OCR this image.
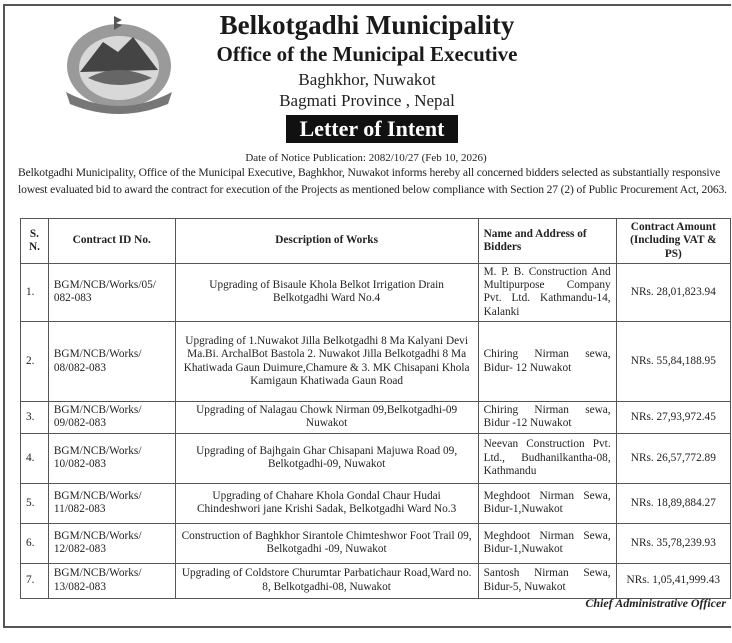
Belkotgadhi Municipality
Office of the Municipal Executive
Baghkhor, Nuwakot
Bagmati Province , Nepal
Letter of Intent
Date of Notice Publication: 2082/10/27 (Feb 10, 2026)
Belkotgadhi Municipality, Office of the Municipal Executive, Baghkhor, Nuwakot informs hereby all concerned bidders selected as substantially responsive lowest evaluated bid to award the contract for execution of the Projects as mentioned below compliance with Section 27 (2) of Public Procurement Act, 2063.
S. N.	Contract ID No.	Description of Works	Name and Address of Bidders	Contract Amount (Including VAT & PS)
1.	BGM/NCB/Works/05/ 082-083	Upgrading of Bisaule Khola Belkot Irrigation Drain Belkotgadhi Ward No.4	M. P. B. Construction And Multipurpose Company Pvt. Ltd. Kathmandu-14, Kalanki	NRs. 28,01,823.94
2.	BGM/NCB/Works/ 08/082-083	Upgrading of 1.Nuwakot Jilla Belkotgadhi 8 Ma Kalyani Devi Ma.Bi. ArchalBot Bastola 2. Nuwakot Jilla Belkotgadhi 8 Ma Khatiwada Gaun Duimure,Chamure & 3. MK Chisapani Khola Kamigaun Khatiwada Gaun Road	Chiring Nirman sewa, Bidur- 12 Nuwakot	NRs. 55,84,188.95
3.	BGM/NCB/Works/ 09/082-083	Upgrading of Nalagau Chowk Nirman 09,Belkotgadhi-09 Nuwakot	Chiring Nirman sewa, Bidur -12 Nuwakot	NRs. 27,93,972.45
4.	BGM/NCB/Works/ 10/082-083	Upgrading of Bajhgain Ghar Chisapani Majuwa Road 09, Belkotgadhi-09, Nuwakot	Neevan Construction Pvt. Ltd., Budhanilkantha-08, Kathmandu	NRs. 26,57,772.89
5.	BGM/NCB/Works/ 11/082-083	Upgrading of Chahare Khola Gondal Chaur Hudai Chindeshwori jane Krishi Sadak, Belkotgadhi Ward No.3	Meghdoot Nirman Sewa, Bidur-1,Nuwakot	NRs. 18,89,884.27
6.	BGM/NCB/Works/ 12/082-083	Construction of Baghkhor Sirantole Chimteshwor Foot Trail 09, Belkotgadhi -09, Nuwakot	Meghdoot Nirman Sewa, Bidur-1,Nuwakot	NRs. 35,78,239.93
7.	BGM/NCB/Works/ 13/082-083	Upgrading of Coldstore Churumtar Parbatichaur Road,Ward no. 8, Belkotgadhi-08, Nuwakot	Santosh Nirman Sewa, Bidur-5, Nuwakot	NRs. 1,05,41,999.43
Chief Administrative Officer
